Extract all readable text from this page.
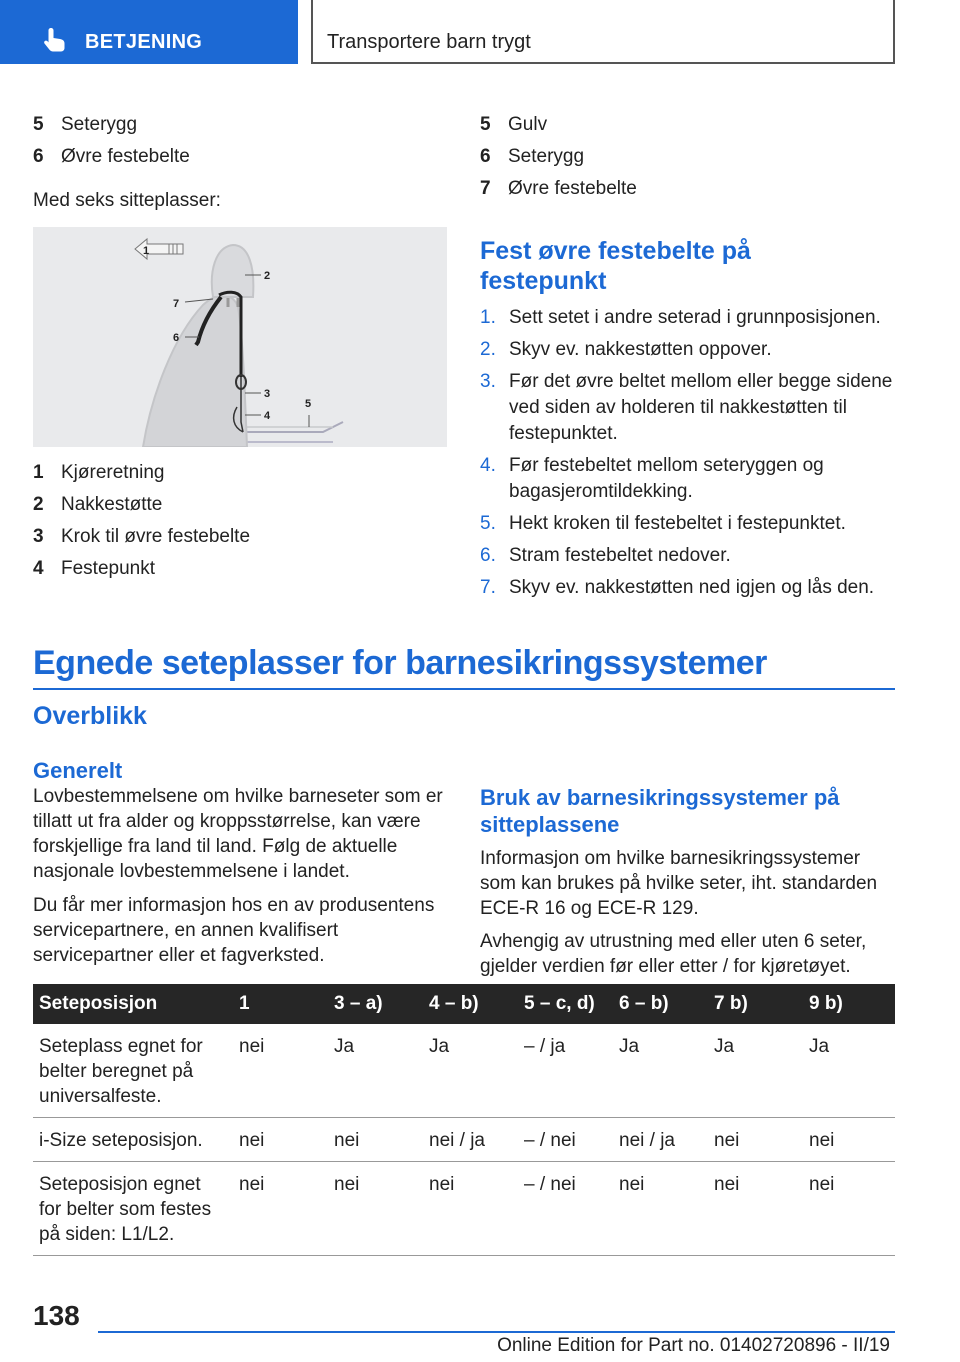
BETJENING	Transportere barn trygt
5 Seterygg
6 Øvre festebelte

Med seks sitteplasser:

1
2
3
4
5
6
7
1 Kjøreretning
2 Nakkestøtte
3 Krok til øvre festebelte
4 Festepunkt
5 Gulv
6 Seterygg
7 Øvre festebelte
Fest øvre festebelte på festepunkt
1. Sett setet i andre seterad i grunnposisjonen.
2. Skyv ev. nakkestøtten oppover.
3. Før det øvre beltet mellom eller begge sidene ved siden av holderen til nakkestøtten til festepunktet.
4. Før festebeltet mellom seteryggen og bagasjeromtildekking.
5. Hekt kroken til festebeltet i festepunktet.
6. Stram festebeltet nedover.
7. Skyv ev. nakkestøtten ned igjen og lås den.
Egnede seteplasser for barnesikringssystemer
Overblikk
Generelt

Lovbestemmelsene om hvilke barneseter som er tillatt ut fra alder og kroppsstørrelse, kan være forskjellige fra land til land. Følg de aktuelle nasjonale lovbestemmelsene i landet.

Du får mer informasjon hos en av produsentens servicepartnere, en annen kvalifisert servicepartner eller et fagverksted.

Bruk av barnesikringssystemer på sitteplassene

Informasjon om hvilke barnesikringssystemer som kan brukes på hvilke seter, iht. standarden ECE-R 16 og ECE-R 129.

Avhengig av utrustning med eller uten 6 seter, gjelder verdien før eller etter / for kjøretøyet.

Seteposisjon	1	3 – a)	4 – b)	5 – c, d)	6 – b)	7 b)	9 b)
Seteplass egnet for belter beregnet på universalfeste.	nei	Ja	Ja	– / ja	Ja	Ja	Ja
i-Size seteposisjon.	nei	nei	nei / ja	– / nei	nei / ja	nei	nei
Seteposisjon egnet for belter som festes på siden: L1/L2.	nei	nei	nei	– / nei	nei	nei	nei
138
Online Edition for Part no. 01402720896 - II/19
